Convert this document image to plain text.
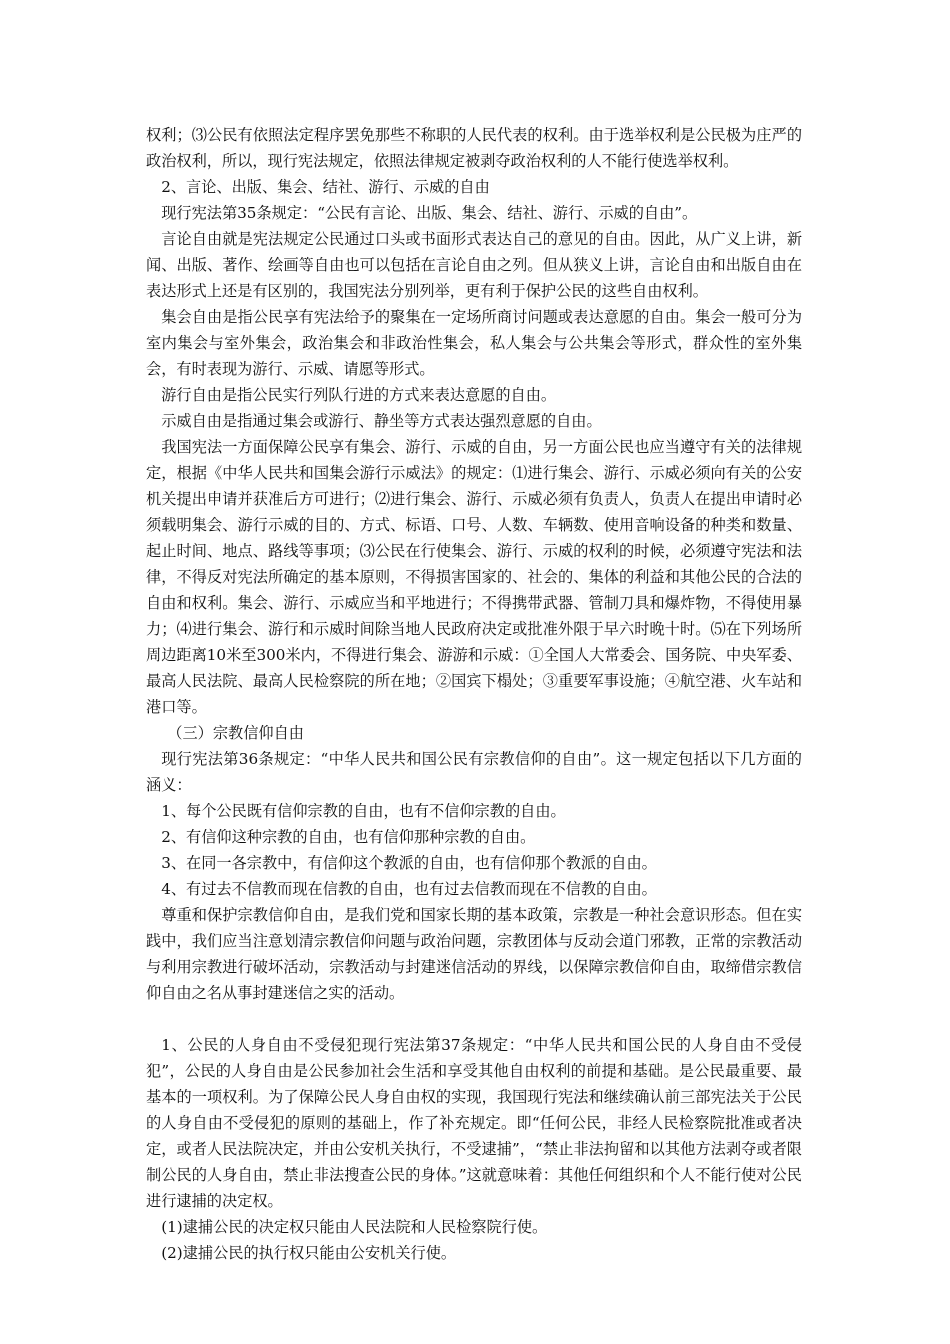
权利；⑶公民有依照法定程序罢免那些不称职的人民代表的权利。由于选举权利是公民极为庄严的政治权利，所以，现行宪法规定，依照法律规定被剥夺政治权利的人不能行使选举权利。

2、言论、出版、集会、结社、游行、示威的自由

现行宪法第35条规定：“公民有言论、出版、集会、结社、游行、示威的自由”。

言论自由就是宪法规定公民通过口头或书面形式表达自己的意见的自由。因此，从广义上讲，新闻、出版、著作、绘画等自由也可以包括在言论自由之列。但从狭义上讲，言论自由和出版自由在表达形式上还是有区别的，我国宪法分别列举，更有利于保护公民的这些自由权利。

集会自由是指公民享有宪法给予的聚集在一定场所商讨问题或表达意愿的自由。集会一般可分为室内集会与室外集会，政治集会和非政治性集会，私人集会与公共集会等形式，群众性的室外集会，有时表现为游行、示威、请愿等形式。

游行自由是指公民实行列队行进的方式来表达意愿的自由。

示威自由是指通过集会或游行、静坐等方式表达强烈意愿的自由。

我国宪法一方面保障公民享有集会、游行、示威的自由，另一方面公民也应当遵守有关的法律规定，根据《中华人民共和国集会游行示威法》的规定：⑴进行集会、游行、示威必须向有关的公安机关提出申请并获准后方可进行；⑵进行集会、游行、示威必须有负责人，负责人在提出申请时必须载明集会、游行示威的目的、方式、标语、口号、人数、车辆数、使用音响设备的种类和数量、起止时间、地点、路线等事项；⑶公民在行使集会、游行、示威的权利的时候，必须遵守宪法和法律，不得反对宪法所确定的基本原则，不得损害国家的、社会的、集体的利益和其他公民的合法的自由和权利。集会、游行、示威应当和平地进行；不得携带武器、管制刀具和爆炸物，不得使用暴力；⑷进行集会、游行和示威时间除当地人民政府决定或批准外限于早六时晚十时。⑸在下列场所周边距离10米至300米内，不得进行集会、游游和示威：①全国人大常委会、国务院、中央军委、最高人民法院、最高人民检察院的所在地；②国宾下榻处；③重要军事设施；④航空港、火车站和港口等。

（三）宗教信仰自由

现行宪法第36条规定：“中华人民共和国公民有宗教信仰的自由”。这一规定包括以下几方面的涵义：

1、每个公民既有信仰宗教的自由，也有不信仰宗教的自由。

2、有信仰这种宗教的自由，也有信仰那种宗教的自由。

3、在同一各宗教中，有信仰这个教派的自由，也有信仰那个教派的自由。

4、有过去不信教而现在信教的自由，也有过去信教而现在不信教的自由。

尊重和保护宗教信仰自由，是我们党和国家长期的基本政策，宗教是一种社会意识形态。但在实践中，我们应当注意划清宗教信仰问题与政治问题，宗教团体与反动会道门邪教，正常的宗教活动与利用宗教进行破坏活动，宗教活动与封建迷信活动的界线，以保障宗教信仰自由，取缔借宗教信仰自由之名从事封建迷信之实的活动。

1、公民的人身自由不受侵犯现行宪法第37条规定：“中华人民共和国公民的人身自由不受侵犯”，公民的人身自由是公民参加社会生活和享受其他自由权利的前提和基础。是公民最重要、最基本的一项权利。为了保障公民人身自由权的实现，我国现行宪法和继续确认前三部宪法关于公民的人身自由不受侵犯的原则的基础上，作了补充规定。即“任何公民，非经人民检察院批准或者决定，或者人民法院决定，并由公安机关执行，不受逮捕”，“禁止非法拘留和以其他方法剥夺或者限制公民的人身自由，禁止非法搜查公民的身体。”这就意味着：其他任何组织和个人不能行使对公民进行逮捕的决定权。

(1)逮捕公民的决定权只能由人民法院和人民检察院行使。

(2)逮捕公民的执行权只能由公安机关行使。
